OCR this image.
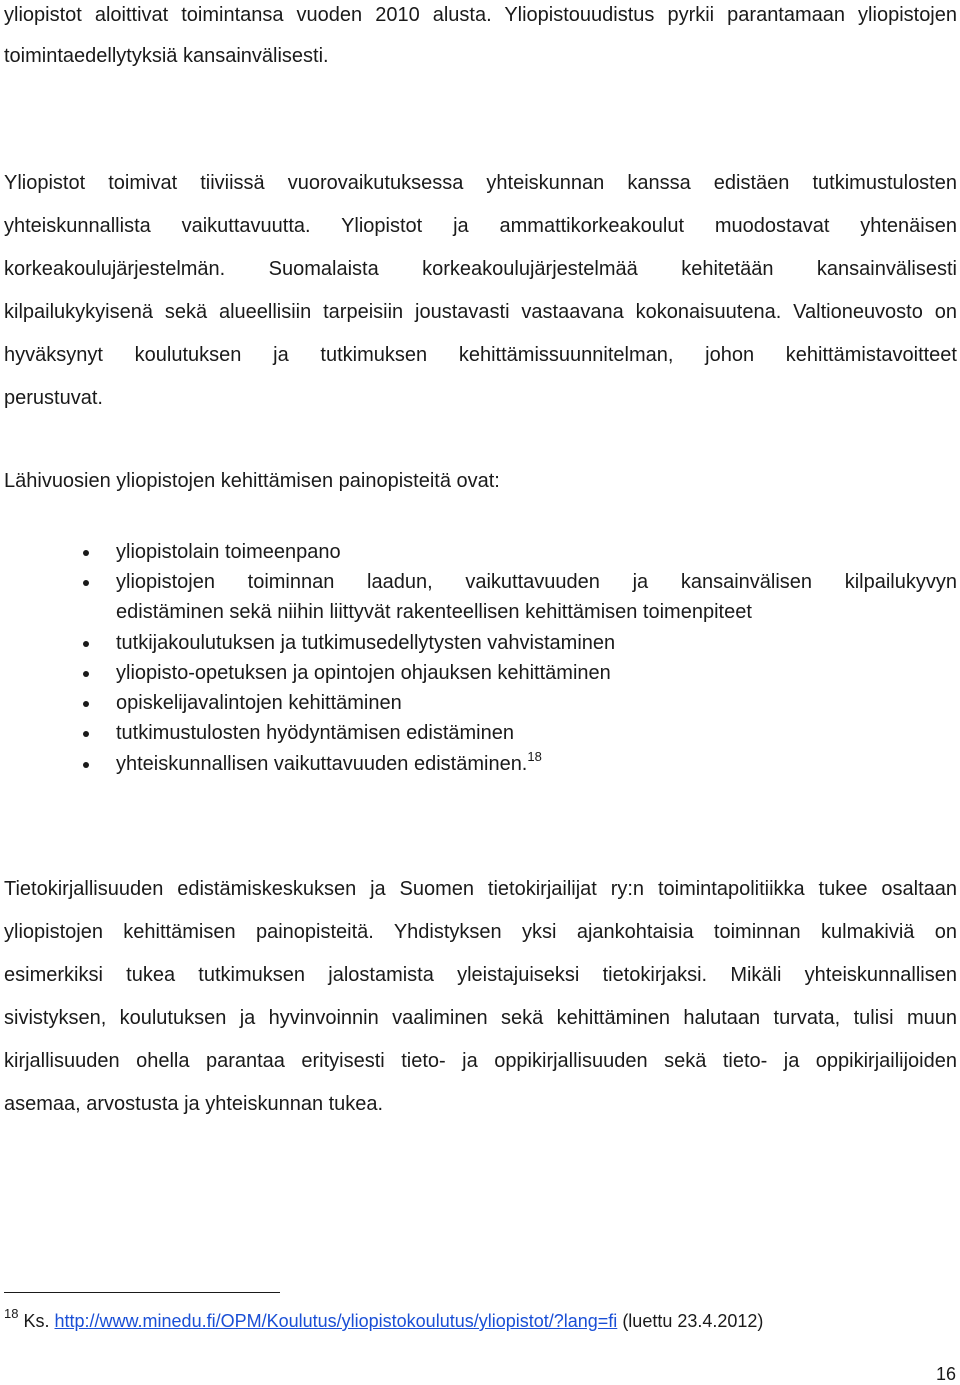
yliopistot aloittivat toimintansa vuoden 2010 alusta. Yliopistouudistus pyrkii parantamaan yliopistojen
toimintaedellytyksiä kansainvälisesti.
Yliopistot toimivat tiiviissä vuorovaikutuksessa yhteiskunnan kanssa edistäen tutkimustulosten
yhteiskunnallista vaikuttavuutta. Yliopistot ja ammattikorkeakoulut muodostavat yhtenäisen
korkeakoulujärjestelmän. Suomalaista korkeakoulujärjestelmää kehitetään kansainvälisesti
kilpailukykyisenä sekä alueellisiin tarpeisiin joustavasti vastaavana kokonaisuutena. Valtioneuvosto on
hyväksynyt koulutuksen ja tutkimuksen kehittämissuunnitelman, johon kehittämistavoitteet
perustuvat.
Lähivuosien yliopistojen kehittämisen painopisteitä ovat:
yliopistolain toimeenpano
yliopistojen toiminnan laadun, vaikuttavuuden ja kansainvälisen kilpailukyvyn
edistäminen sekä niihin liittyvät rakenteellisen kehittämisen toimenpiteet
tutkijakoulutuksen ja tutkimusedellytysten vahvistaminen
yliopisto-opetuksen ja opintojen ohjauksen kehittäminen
opiskelijavalintojen kehittäminen
tutkimustulosten hyödyntämisen edistäminen
yhteiskunnallisen vaikuttavuuden edistäminen.$^{18}$
Tietokirjallisuuden edistämiskeskuksen ja Suomen tietokirjailijat ry:n toimintapolitiikka tukee osaltaan
yliopistojen kehittämisen painopisteitä. Yhdistyksen yksi ajankohtaisia toiminnan kulmakiviä on
esimerkiksi tukea tutkimuksen jalostamista yleistajuiseksi tietokirjaksi. Mikäli yhteiskunnallisen
sivistyksen, koulutuksen ja hyvinvoinnin vaaliminen sekä kehittäminen halutaan turvata, tulisi muun
kirjallisuuden ohella parantaa erityisesti tieto- ja oppikirjallisuuden sekä tieto- ja oppikirjailijoiden
asemaa, arvostusta ja yhteiskunnan tukea.
$^{18}$ Ks. http://www.minedu.fi/OPM/Koulutus/yliopistokoulutus/yliopistot/?lang=fi (luettu 23.4.2012)
16
